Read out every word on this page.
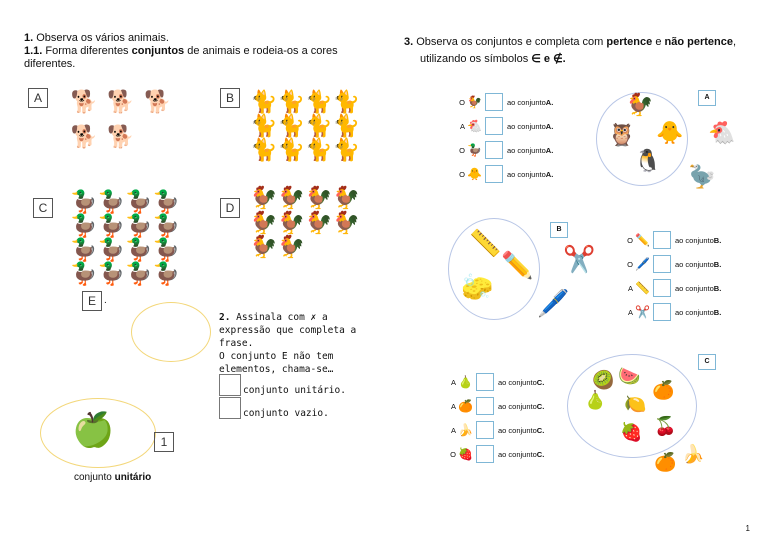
1. Observa os vários animais.
1.1. Forma diferentes conjuntos de animais e rodeia-os a cores diferentes.
A 🐕 🐕 🐕
🐕 🐕
B 🐈 🐈 🐈 🐈
🐈 🐈 🐈 🐈
🐈 🐈 🐈 🐈
C 🦆 🦆 🦆 🦆
🦆 🦆 🦆 🦆
🦆 🦆 🦆 🦆
🦆 🦆 🦆 🦆
D 🐓 🐓 🐓 🐓
🐓 🐓 🐓 🐓
🐓 🐓
E .
🍏	1
conjunto unitário
2. Assinala com ✗ a expressão que completa a frase.
O conjunto E não tem
elementos, chama-se…
conjunto unitário.
conjunto vazio.
3. Observa os conjuntos e completa com pertence e não pertence,
utilizando os símbolos ∈ e ∉.
O 🐓	ao conjunto A.
A 🐔	ao conjunto A.
O 🦆	ao conjunto A.
O 🐥	ao conjunto A.
A
🐓
🦉 🐥
🐧
🐔
🦤
B
📏
✏️
🧽
🖊️
✂️
O ✏️	ao conjunto B.
O 🖊️	ao conjunto B.
A 📏	ao conjunto B.
A ✂️	ao conjunto B.
A 🍐	ao conjunto C.
A 🍊	ao conjunto C.
A 🍌	ao conjunto C.
O 🍓	ao conjunto C.
C
🥝 🍉
🍊
🍐 🍋
🍓 🍒
🍊 🍌
1
